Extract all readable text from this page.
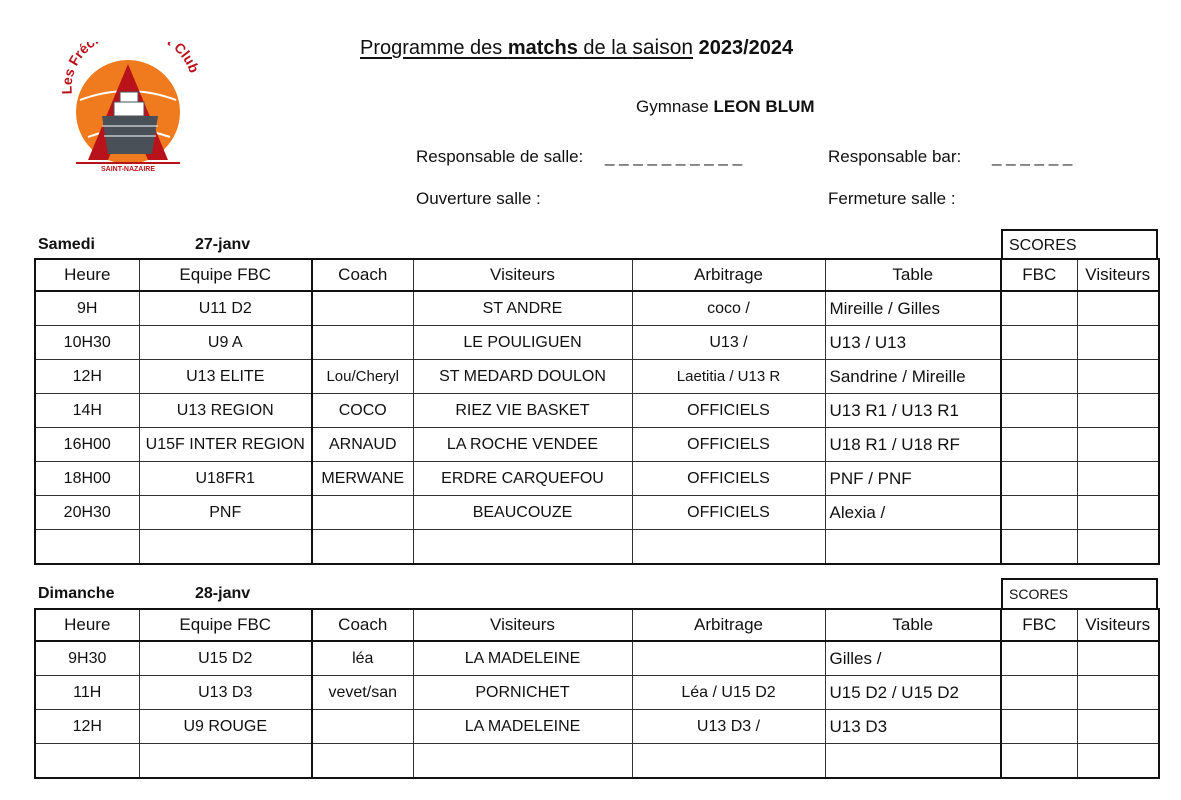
Les Fréc Clu
SAINT-NAZAIRE
Programme des matchs de la saison 2023/2024
Gymnase LEON BLUM
Responsable de salle: _ _ _ _ _ _ _ _ _ _	Responsable bar: _ _ _ _ _ _
Ouverture salle :	Fermeture salle :
Samedi	27-janv	SCORES
Heure	Equipe FBC	Coach	Visiteurs	Arbitrage	Table	FBC	Visiteurs
9H	U11 D2		ST ANDRE	coco /	Mireille / Gilles		
10H30	U9 A		LE POULIGUEN	U13 /	U13 / U13		
12H	U13 ELITE	Lou/Cheryl	ST MEDARD DOULON	Laetitia / U13 R	Sandrine / Mireille		
14H	U13 REGION	COCO	RIEZ VIE BASKET	OFFICIELS	U13 R1 / U13 R1		
16H00	U15F INTER REGION	ARNAUD	LA ROCHE VENDEE	OFFICIELS	U18 R1 / U18 RF		
18H00	U18FR1	MERWANE	ERDRE CARQUEFOU	OFFICIELS	PNF / PNF		
20H30	PNF		BEAUCOUZE	OFFICIELS	Alexia /		

Dimanche	28-janv	SCORES
Heure	Equipe FBC	Coach	Visiteurs	Arbitrage	Table	FBC	Visiteurs
9H30	U15 D2	léa	LA MADELEINE		Gilles /		
11H	U13 D3	vevet/san	PORNICHET	Léa / U15 D2	U15 D2 / U15 D2		
12H	U9 ROUGE		LA MADELEINE	U13 D3 /	U13 D3		
